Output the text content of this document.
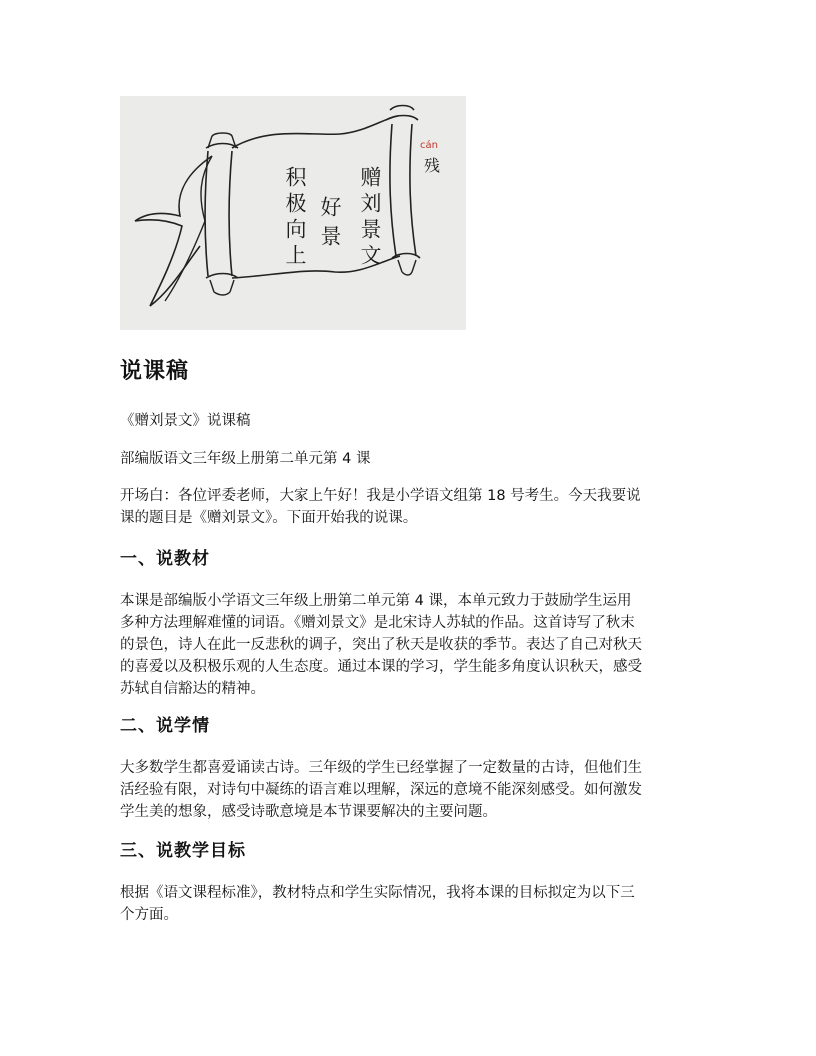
赠刘景文
好景
积极向上
cán
残
说课稿

《赠刘景文》说课稿

部编版语文三年级上册第二单元第 4 课

开场白：各位评委老师，大家上午好！我是小学语文组第 18 号考生。今天我要说
课的题目是《赠刘景文》。下面开始我的说课。

一、说教材

本课是部编版小学语文三年级上册第二单元第 4 课，本单元致力于鼓励学生运用
多种方法理解难懂的词语。《赠刘景文》是北宋诗人苏轼的作品。这首诗写了秋末
的景色，诗人在此一反悲秋的调子，突出了秋天是收获的季节。表达了自己对秋天
的喜爱以及积极乐观的人生态度。通过本课的学习，学生能多角度认识秋天，感受
苏轼自信豁达的精神。

二、说学情

大多数学生都喜爱诵读古诗。三年级的学生已经掌握了一定数量的古诗，但他们生
活经验有限，对诗句中凝练的语言难以理解，深远的意境不能深刻感受。如何激发
学生美的想象，感受诗歌意境是本节课要解决的主要问题。

三、说教学目标

根据《语文课程标准》，教材特点和学生实际情况，我将本课的目标拟定为以下三
个方面。
